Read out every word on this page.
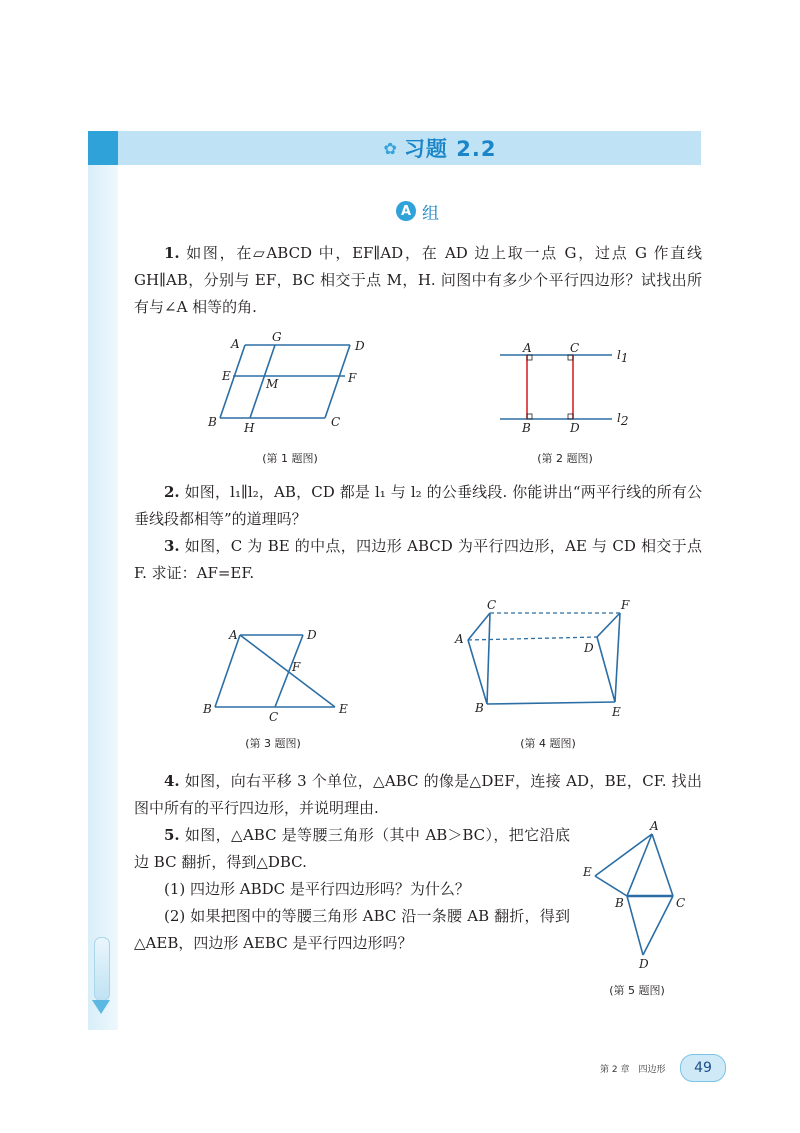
✿ 习题 2.2
A 组

1. 如图，在▱ABCD 中，EF∥AD，在 AD 边上取一点 G，过点 G 作直线 GH∥AB，分别与 EF，BC 相交于点 M，H. 问图中有多少个平行四边形？试找出所有与∠A 相等的角.

A	G
D
E
M	F
B H	C
(第 1 题图)
A	C
B	D
l1
l2
(第 2 题图)

2. 如图，l₁∥l₂，AB，CD 都是 l₁ 与 l₂ 的公垂线段. 你能讲出“两平行线的所有公垂线段都相等”的道理吗？

3. 如图，C 为 BE 的中点，四边形 ABCD 为平行四边形，AE 与 CD 相交于点 F. 求证：AF=EF.

A	D
F
B
C
E
(第 3 题图)
C	F
A
D
B	E
(第 4 题图)

4. 如图，向右平移 3 个单位，△ABC 的像是△DEF，连接 AD，BE，CF. 找出图中所有的平行四边形，并说明理由.

5. 如图，△ABC 是等腰三角形（其中 AB＞BC），把它沿底边 BC 翻折，得到△DBC.

(1) 四边形 ABDC 是平行四边形吗？为什么？

(2) 如果把图中的等腰三角形 ABC 沿一条腰 AB 翻折，得到△AEB，四边形 AEBC 是平行四边形吗？

A
E
B	C
D
(第 5 题图)
第 2 章　四边形	49
